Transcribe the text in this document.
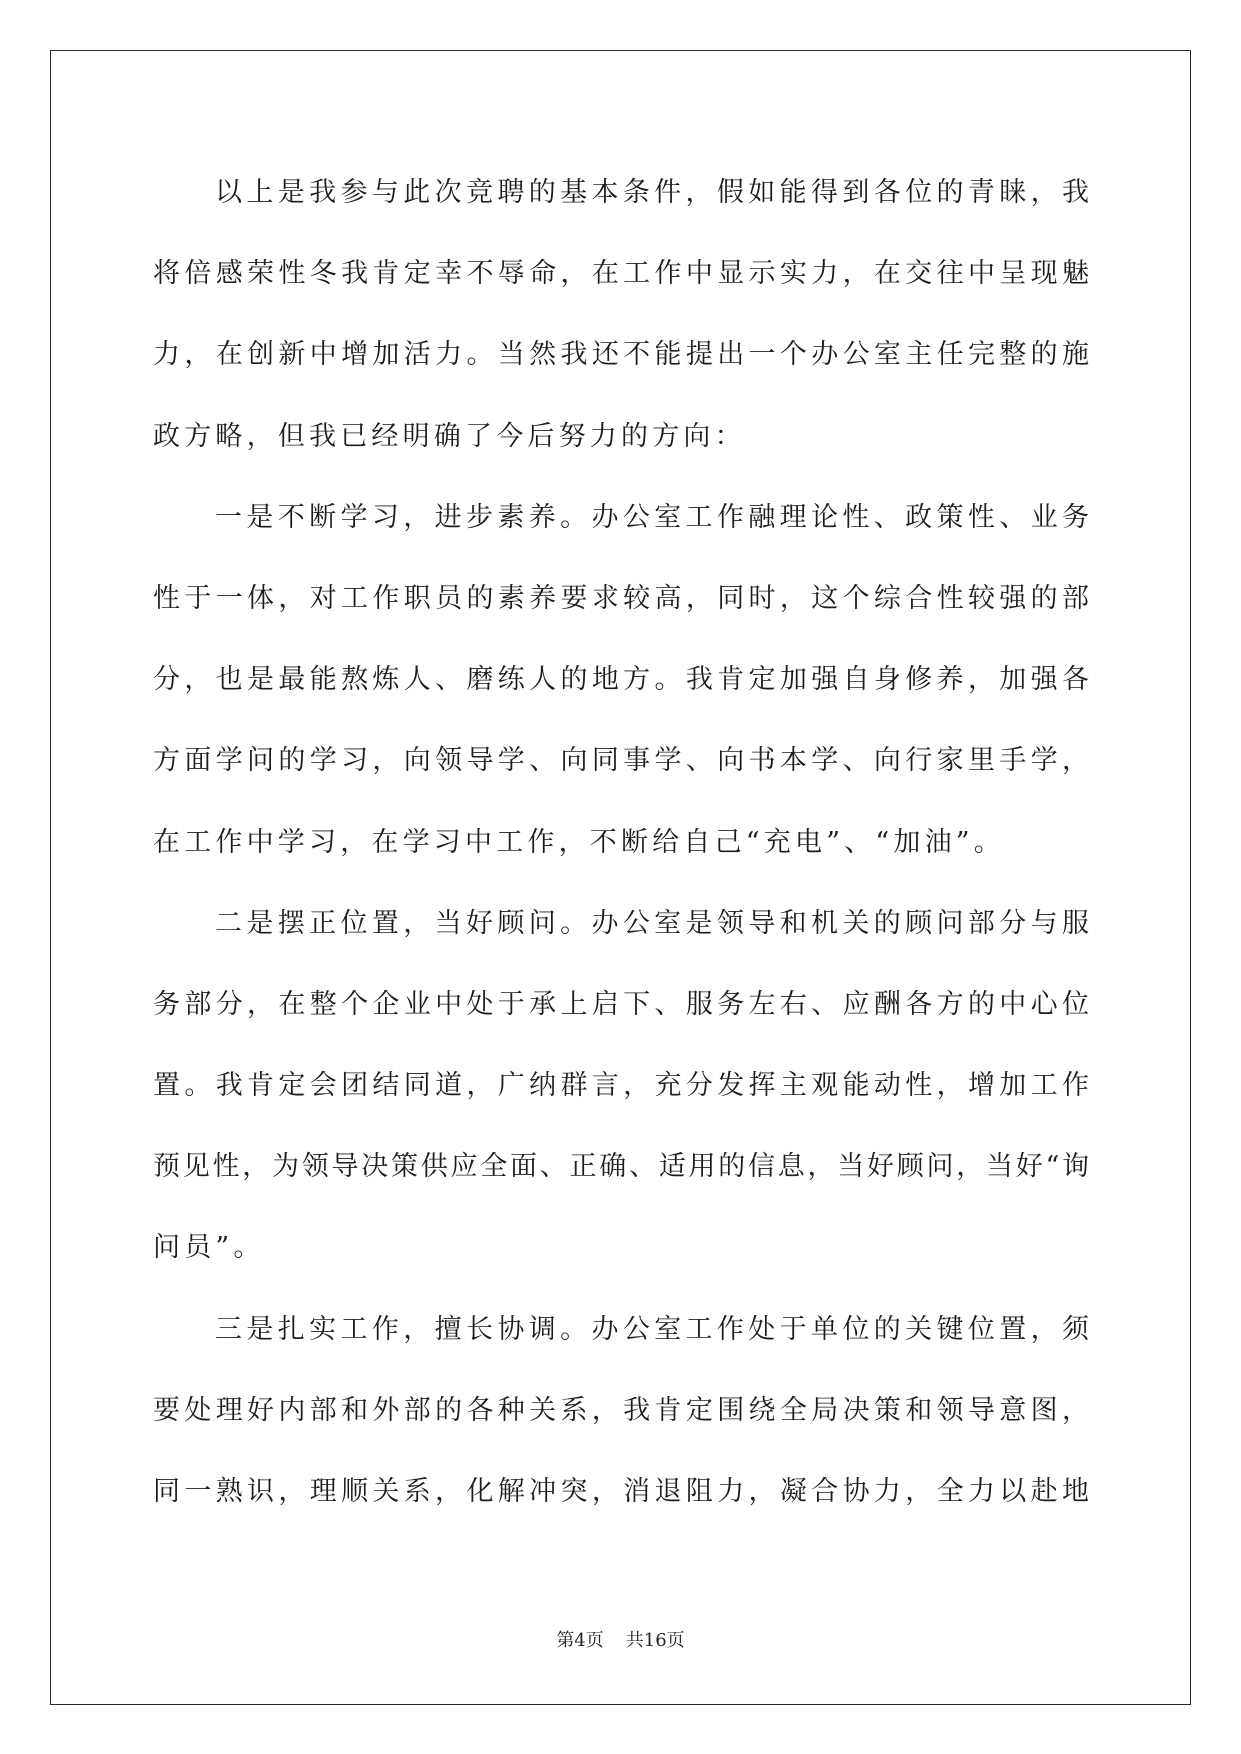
以上是我参与此次竞聘的基本条件，假如能得到各位的青睐，我
将倍感荣性冬我肯定幸不辱命，在工作中显示实力，在交往中呈现魅
力，在创新中增加活力。当然我还不能提出一个办公室主任完整的施
政方略，但我已经明确了今后努力的方向：
一是不断学习，进步素养。办公室工作融理论性、政策性、业务
性于一体，对工作职员的素养要求较高，同时，这个综合性较强的部
分，也是最能熬炼人、磨练人的地方。我肯定加强自身修养，加强各
方面学问的学习，向领导学、向同事学、向书本学、向行家里手学，
在工作中学习，在学习中工作，不断给自己“充电”、“加油”。
二是摆正位置，当好顾问。办公室是领导和机关的顾问部分与服
务部分，在整个企业中处于承上启下、服务左右、应酬各方的中心位
置。我肯定会团结同道，广纳群言，充分发挥主观能动性，增加工作
预见性，为领导决策供应全面、正确、适用的信息，当好顾问，当好“询
问员”。
三是扎实工作，擅长协调。办公室工作处于单位的关键位置，须
要处理好内部和外部的各种关系，我肯定围绕全局决策和领导意图，
同一熟识，理顺关系，化解冲突，消退阻力，凝合协力，全力以赴地
第4页 共16页
